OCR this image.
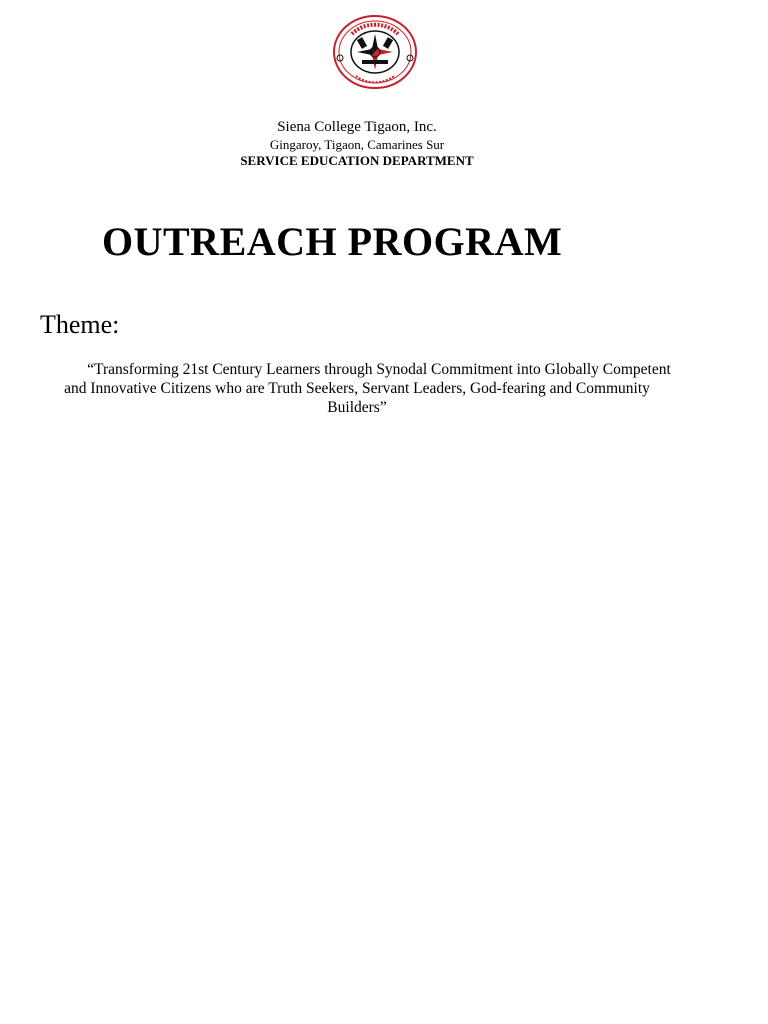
Siena College Tigaon, Inc.
Gingaroy, Tigaon, Camarines Sur
SERVICE EDUCATION DEPARTMENT
OUTREACH PROGRAM
Theme:
“Transforming 21st Century Learners through Synodal Commitment into Globally Competent and Innovative Citizens who are Truth Seekers, Servant Leaders, God-fearing and Community Builders”
